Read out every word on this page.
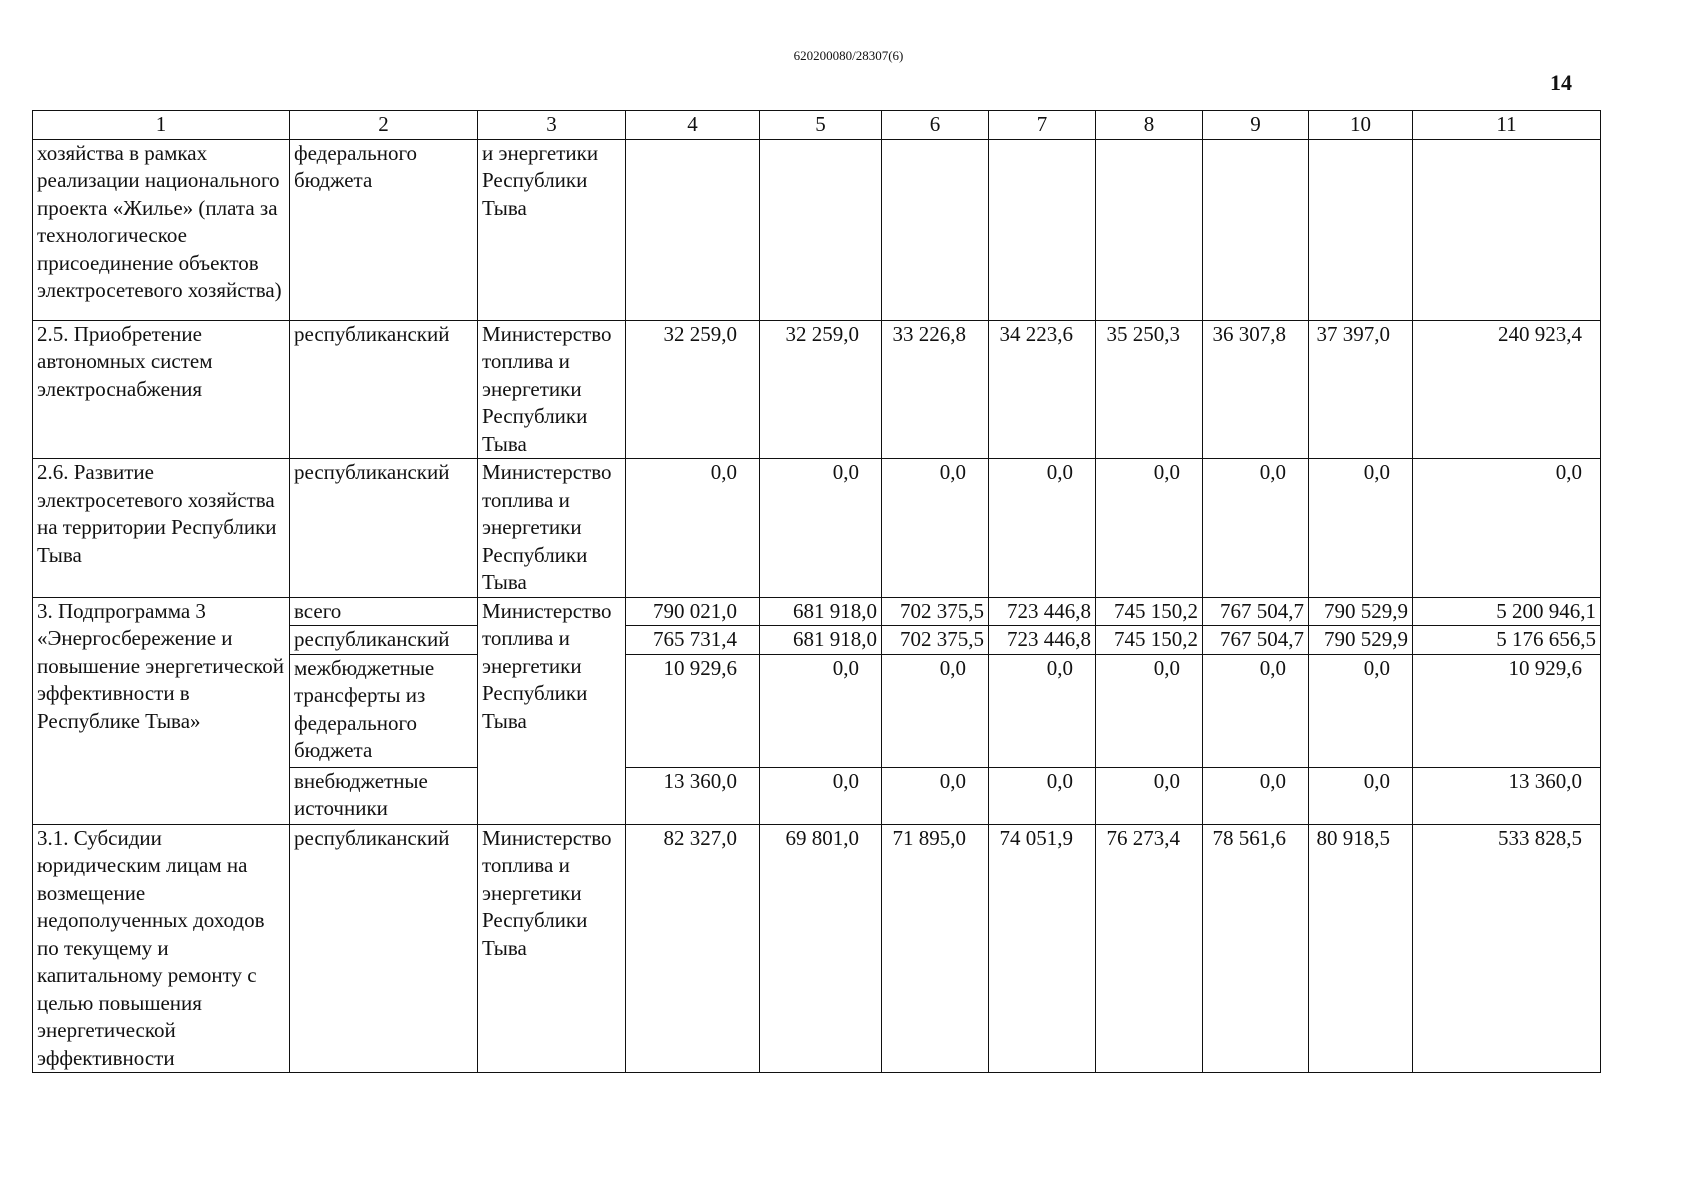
620200080/28307(6)
14
1	2	3	4	5	6	7	8	9	10	11
хозяйства в рамках реализации национального проекта «Жилье» (плата за технологическое присоединение объектов электросетевого хозяйства)	федерального бюджета	и энергетики Республики Тыва								
2.5. Приобретение автономных систем электроснабжения	республиканский	Министерство топлива и энергетики Республики Тыва	32 259,0	32 259,0	33 226,8	34 223,6	35 250,3	36 307,8	37 397,0	240 923,4
2.6. Развитие электросетевого хозяйства на территории Республики Тыва	республиканский	Министерство топлива и энергетики Республики Тыва	0,0	0,0	0,0	0,0	0,0	0,0	0,0	0,0
3. Подпрограмма 3 «Энергосбережение и повышение энергетической эффективности в Республике Тыва»	всего	Министерство топлива и энергетики Республики Тыва	790 021,0	681 918,0	702 375,5	723 446,8	745 150,2	767 504,7	790 529,9	5 200 946,1
	республиканский		765 731,4	681 918,0	702 375,5	723 446,8	745 150,2	767 504,7	790 529,9	5 176 656,5
	межбюджетные трансферты из федерального бюджета		10 929,6	0,0	0,0	0,0	0,0	0,0	0,0	10 929,6
	внебюджетные источники		13 360,0	0,0	0,0	0,0	0,0	0,0	0,0	13 360,0
3.1. Субсидии юридическим лицам на возмещение недополученных доходов по текущему и капитальному ремонту с целью повышения энергетической эффективности	республиканский	Министерство топлива и энергетики Республики Тыва	82 327,0	69 801,0	71 895,0	74 051,9	76 273,4	78 561,6	80 918,5	533 828,5
